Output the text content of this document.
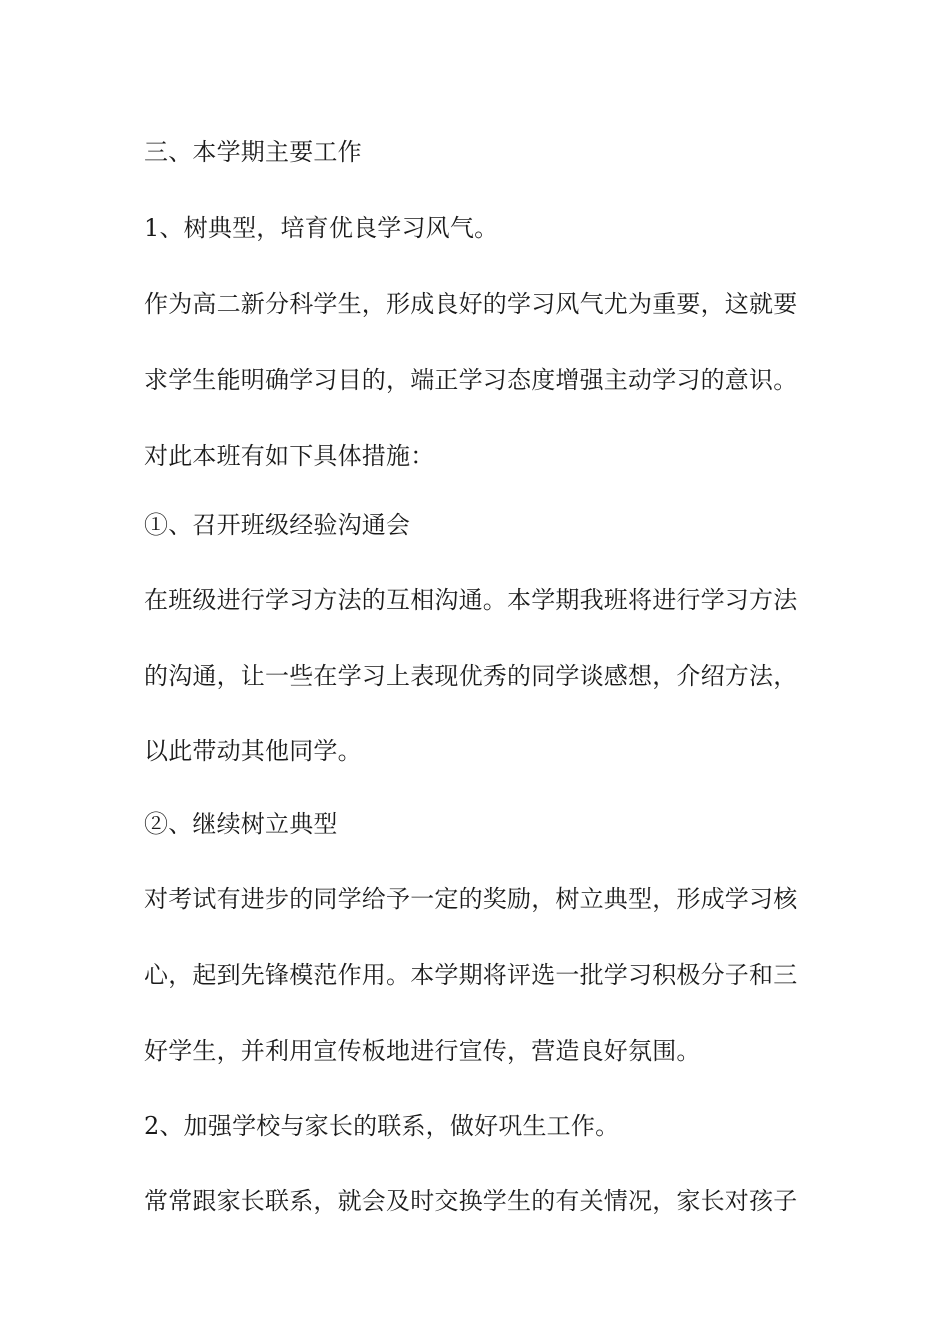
三、本学期主要工作

1、树典型，培育优良学习风气。

作为高二新分科学生，形成良好的学习风气尤为重要，这就要

求学生能明确学习目的，端正学习态度增强主动学习的意识。

对此本班有如下具体措施：

①、召开班级经验沟通会

在班级进行学习方法的互相沟通。本学期我班将进行学习方法

的沟通，让一些在学习上表现优秀的同学谈感想，介绍方法，

以此带动其他同学。

②、继续树立典型

对考试有进步的同学给予一定的奖励，树立典型，形成学习核

心，起到先锋模范作用。本学期将评选一批学习积极分子和三

好学生，并利用宣传板地进行宣传，营造良好氛围。

2、加强学校与家长的联系，做好巩生工作。

常常跟家长联系，就会及时交换学生的有关情况，家长对孩子
